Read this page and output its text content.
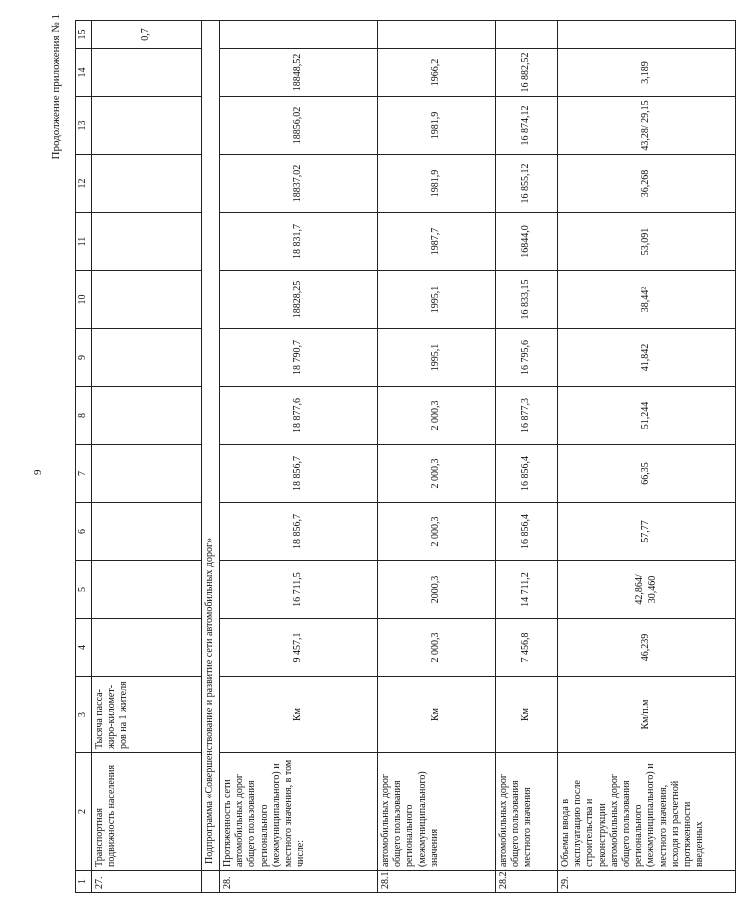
9
Продолжение приложения № 1
1	2	3	4	5	6	7	8	9	10	11	12	13	14	15
27.	Транспортная подвижность населения	Тысяча пасса-жиро-километ-ров на 1 жителя												0,7
	Подпрограмма «Совершенствование и развитие сети автомобильных дорог»													
28.	Протяженность сети автомобильных дорог общего пользования регионального (межмуниципального) и местного значения, в том числе:	Км	9 457,1	16 711,5	18 856,7	18 856,7	18 877,6	18 790,7	18828,25	18 831,7	18837,02	18856,02	18848,52	
28.1.	автомобильных дорог общего пользования регионального (межмуниципального) значения	Км	2 000,3	2000,3	2 000,3	2 000,3	2 000,3	1995,1	1995,1	1987,7	1981,9	1981,9	1966,2	
28.2.	автомобильных дорог общего пользования местного значения	Км	7 456,8	14 711,2	16 856,4	16 856,4	16 877,3	16 795,6	16 833,15	16844,0	16 855,12	16 874,12	16 882,52	
29.	Объемы ввода в эксплуатацию после строительства и реконструкции автомобильных дорог общего пользования регионального (межмуниципального) и местного значения, исходя из расчетной протяженности введенных	Км/п.м	46,239	42,864/ 30,460	57,77	66,35	51,244	41,842	38,44²	53,091	36,268	43,28/ 29,15	3,189	
